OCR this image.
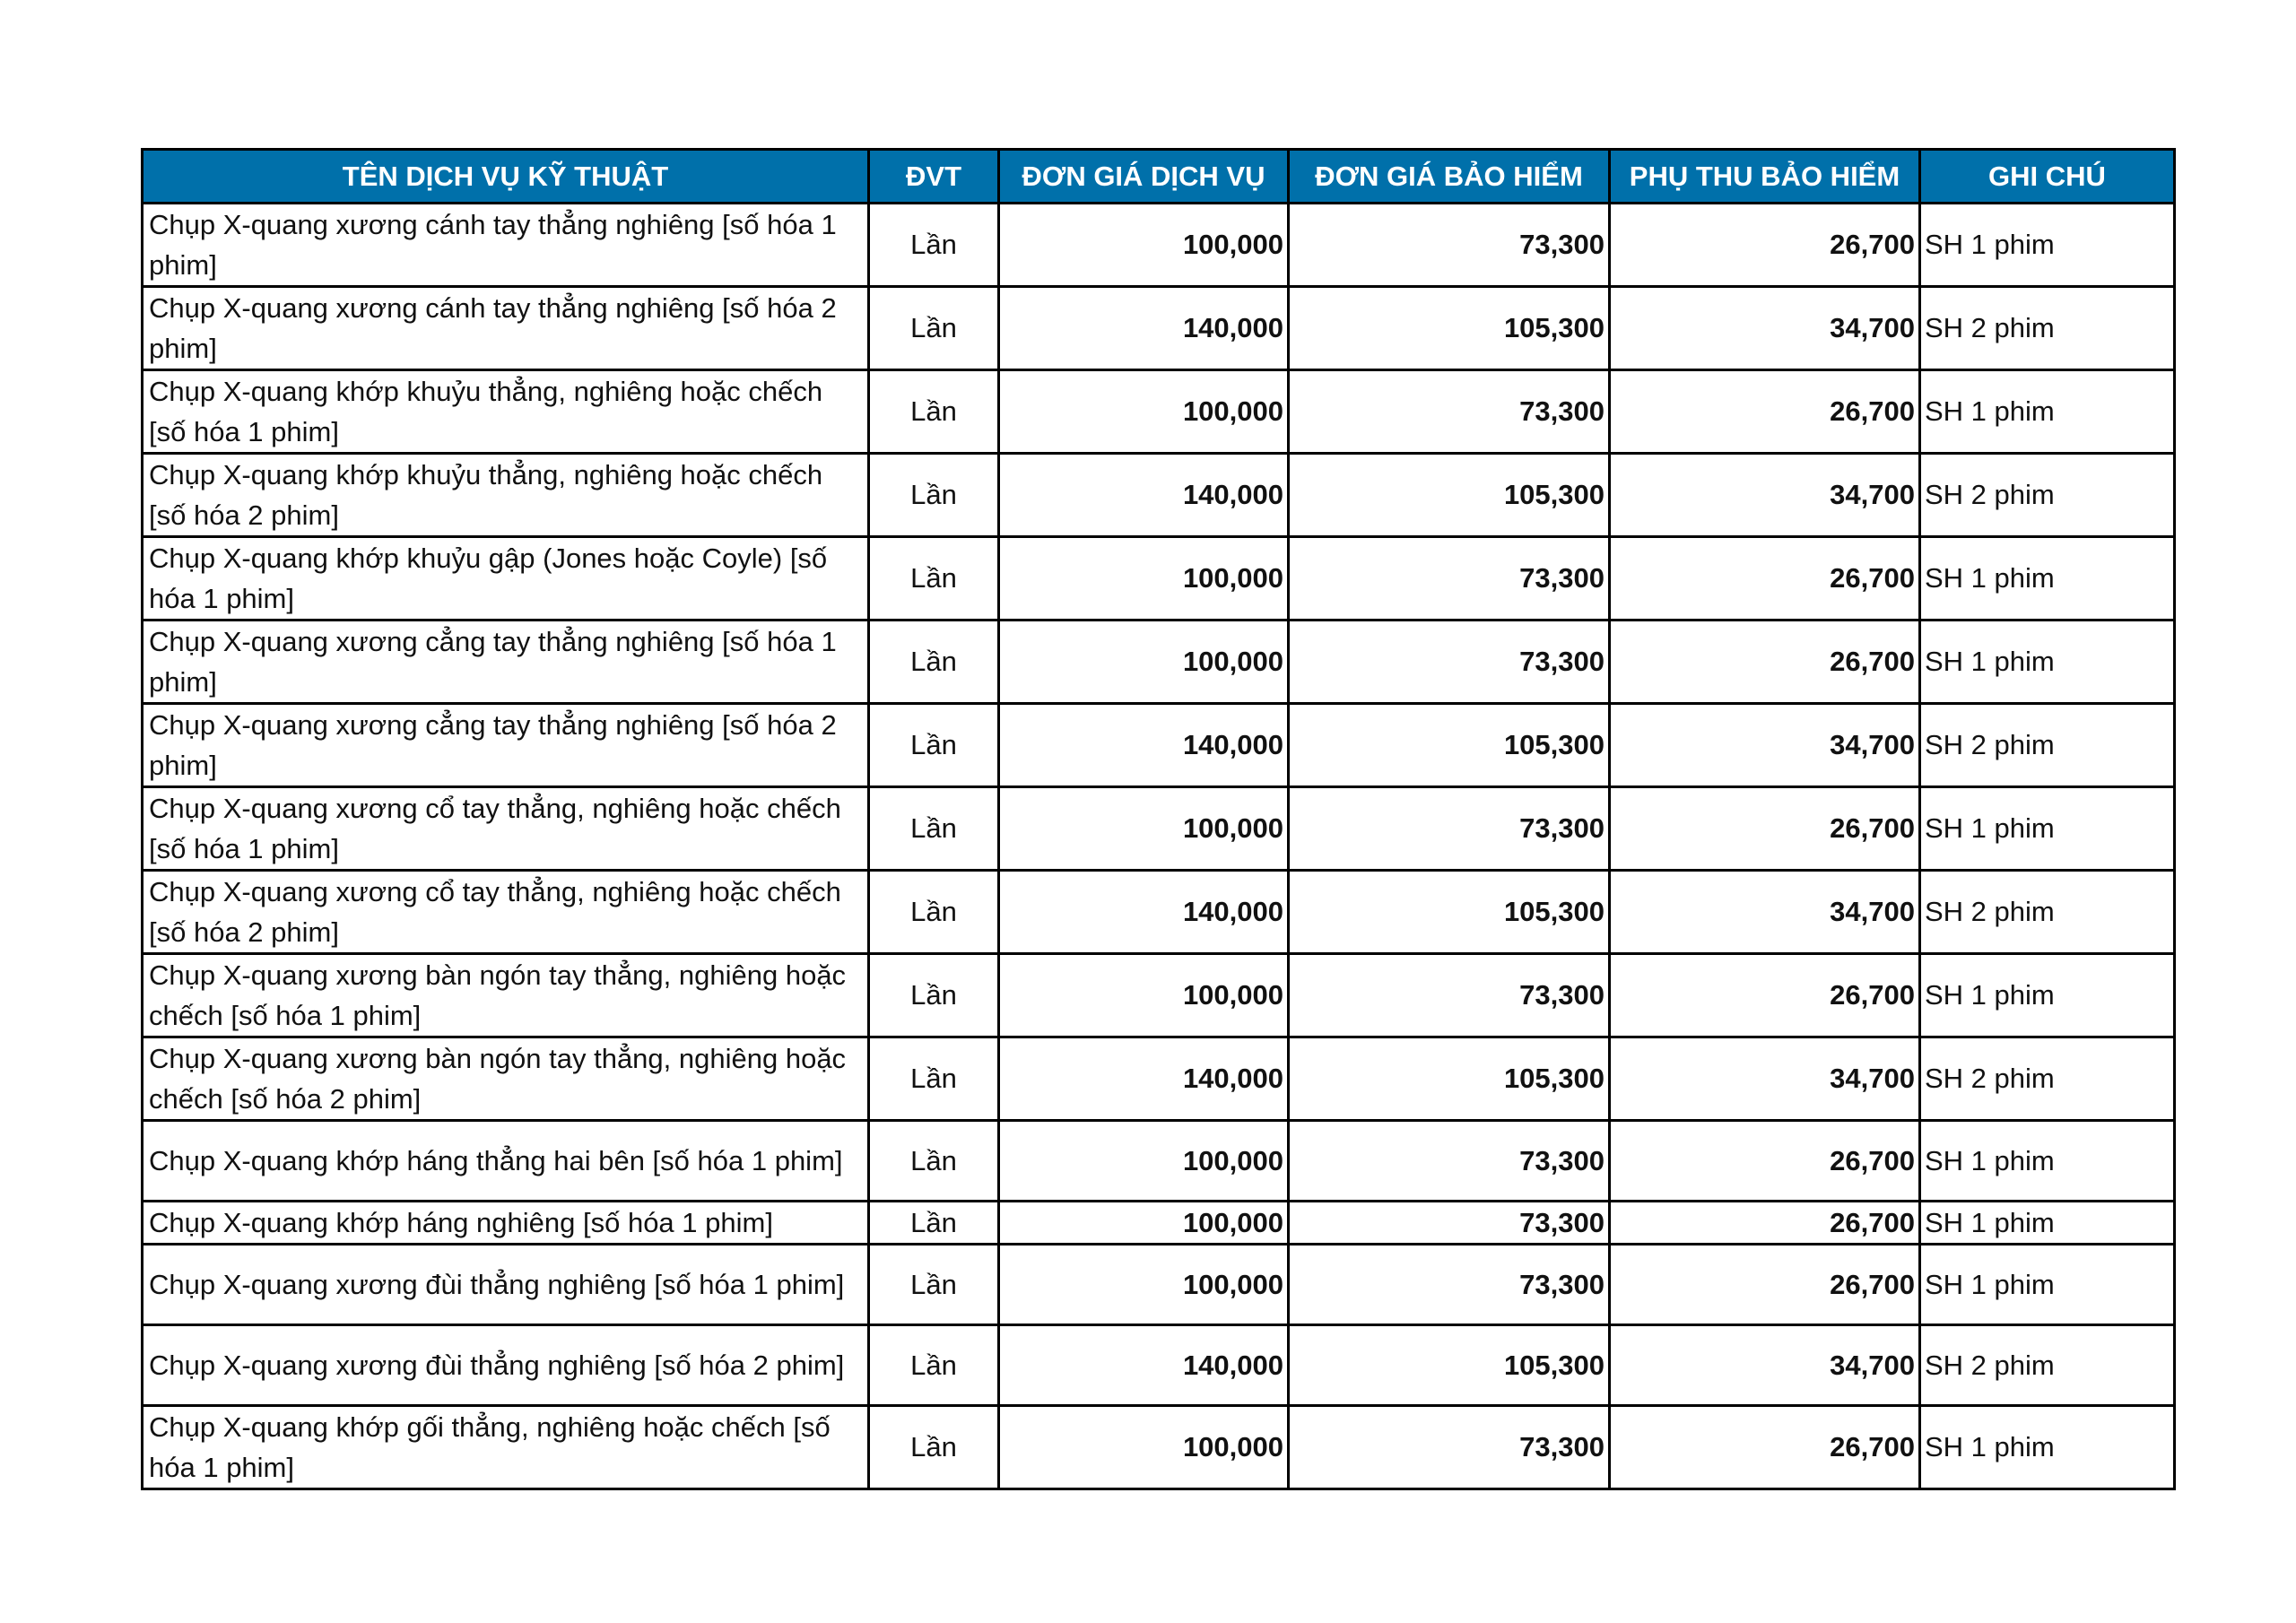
TÊN DỊCH VỤ KỸ THUẬT	ĐVT	ĐƠN GIÁ DỊCH VỤ	ĐƠN GIÁ BẢO HIỂM	PHỤ THU BẢO HIỂM	GHI CHÚ
Chụp X-quang xương cánh tay thẳng nghiêng [số hóa 1 phim]	Lần	100,000	73,300	26,700	SH 1 phim
Chụp X-quang xương cánh tay thẳng nghiêng [số hóa 2 phim]	Lần	140,000	105,300	34,700	SH 2 phim
Chụp X-quang khớp khuỷu thẳng, nghiêng hoặc chếch [số hóa 1 phim]	Lần	100,000	73,300	26,700	SH 1 phim
Chụp X-quang khớp khuỷu thẳng, nghiêng hoặc chếch [số hóa 2 phim]	Lần	140,000	105,300	34,700	SH 2 phim
Chụp X-quang khớp khuỷu gập (Jones hoặc Coyle) [số hóa 1 phim]	Lần	100,000	73,300	26,700	SH 1 phim
Chụp X-quang xương cẳng tay thẳng nghiêng [số hóa 1 phim]	Lần	100,000	73,300	26,700	SH 1 phim
Chụp X-quang xương cẳng tay thẳng nghiêng [số hóa 2 phim]	Lần	140,000	105,300	34,700	SH 2 phim
Chụp X-quang xương cổ tay thẳng, nghiêng hoặc chếch [số hóa 1 phim]	Lần	100,000	73,300	26,700	SH 1 phim
Chụp X-quang xương cổ tay thẳng, nghiêng hoặc chếch [số hóa 2 phim]	Lần	140,000	105,300	34,700	SH 2 phim
Chụp X-quang xương bàn ngón tay thẳng, nghiêng hoặc chếch [số hóa 1 phim]	Lần	100,000	73,300	26,700	SH 1 phim
Chụp X-quang xương bàn ngón tay thẳng, nghiêng hoặc chếch [số hóa 2 phim]	Lần	140,000	105,300	34,700	SH 2 phim
Chụp X-quang khớp háng thẳng hai bên [số hóa 1 phim]	Lần	100,000	73,300	26,700	SH 1 phim
Chụp X-quang khớp háng nghiêng [số hóa 1 phim]	Lần	100,000	73,300	26,700	SH 1 phim
Chụp X-quang xương đùi thẳng nghiêng [số hóa 1 phim]	Lần	100,000	73,300	26,700	SH 1 phim
Chụp X-quang xương đùi thẳng nghiêng [số hóa 2 phim]	Lần	140,000	105,300	34,700	SH 2 phim
Chụp X-quang khớp gối thẳng, nghiêng hoặc chếch [số hóa 1 phim]	Lần	100,000	73,300	26,700	SH 1 phim
